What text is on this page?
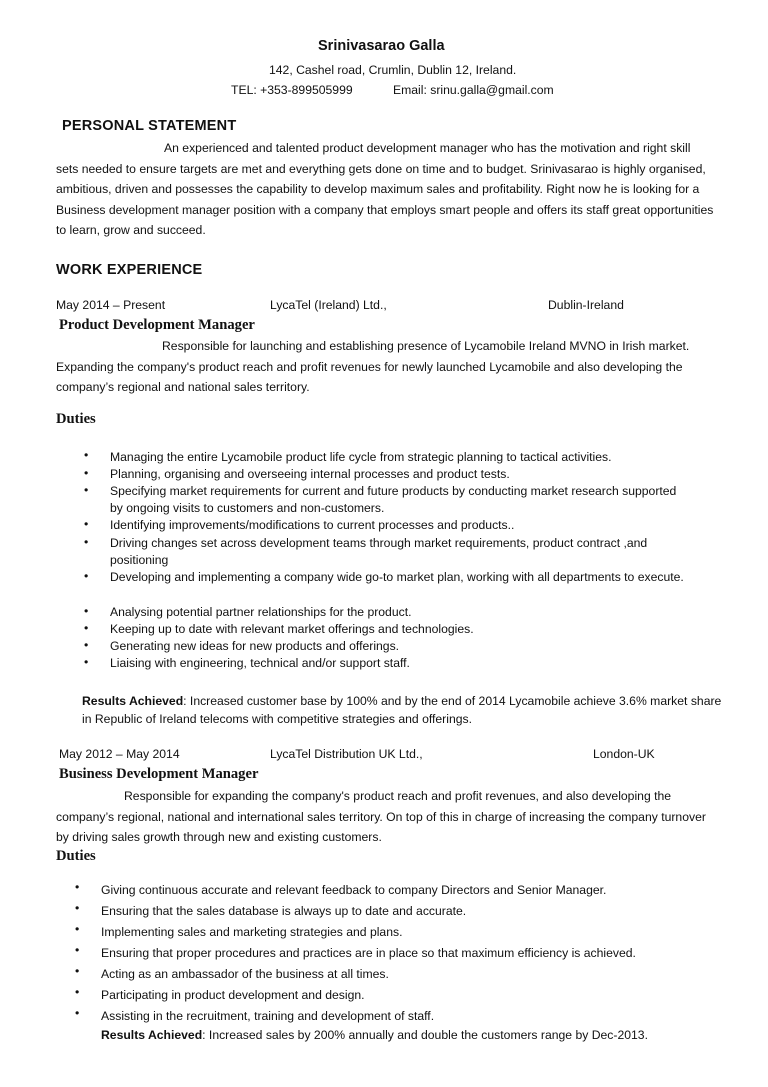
Srinivasarao Galla
142, Cashel road, Crumlin, Dublin 12, Ireland.
TEL: +353-899505999	Email: srinu.galla@gmail.com
PERSONAL STATEMENT

An experienced and talented product development manager who has the motivation and right skill sets needed to ensure targets are met and everything gets done on time and to budget. Srinivasarao is highly organised, ambitious, driven and possesses the capability to develop maximum sales and profitability. Right now he is looking for a Business development manager position with a company that employs smart people and offers its staff great opportunities to learn, grow and succeed.

WORK EXPERIENCE
May 2014 – Present	LycaTel (Ireland) Ltd.,	Dublin-Ireland
Product Development Manager

Responsible for launching and establishing presence of Lycamobile Ireland MVNO in Irish market. Expanding the company's product reach and profit revenues for newly launched Lycamobile and also developing the company’s regional and national sales territory.

Duties
•	Managing the entire Lycamobile product life cycle from strategic planning to tactical activities.
•	Planning, organising and overseeing internal processes and product tests.
•	Specifying market requirements for current and future products by conducting market research supported by ongoing visits to customers and non-customers.
•	Identifying improvements/modifications to current processes and products..
•	Driving changes set across development teams through market requirements, product contract ,and positioning
•	Developing and implementing a company wide go-to market plan, working with all departments to execute.
•	Analysing potential partner relationships for the product.
•	Keeping up to date with relevant market offerings and technologies.
•	Generating new ideas for new products and offerings.
•	Liaising with engineering, technical and/or support staff.
Results Achieved: Increased customer base by 100% and by the end of 2014 Lycamobile achieve 3.6% market share in Republic of Ireland telecoms with competitive strategies and offerings.
May 2012 – May 2014	LycaTel Distribution UK Ltd.,	London-UK
Business Development Manager

Responsible for expanding the company's product reach and profit revenues, and also developing the company’s regional, national and international sales territory. On top of this in charge of increasing the company turnover by driving sales growth through new and existing customers.

Duties
•	Giving continuous accurate and relevant feedback to company Directors and Senior Manager.
•	Ensuring that the sales database is always up to date and accurate.
•	Implementing sales and marketing strategies and plans.
•	Ensuring that proper procedures and practices are in place so that maximum efficiency is achieved.
•	Acting as an ambassador of the business at all times.
•	Participating in product development and design.
•	Assisting in the recruitment, training and development of staff.
Results Achieved: Increased sales by 200% annually and double the customers range by Dec-2013.
